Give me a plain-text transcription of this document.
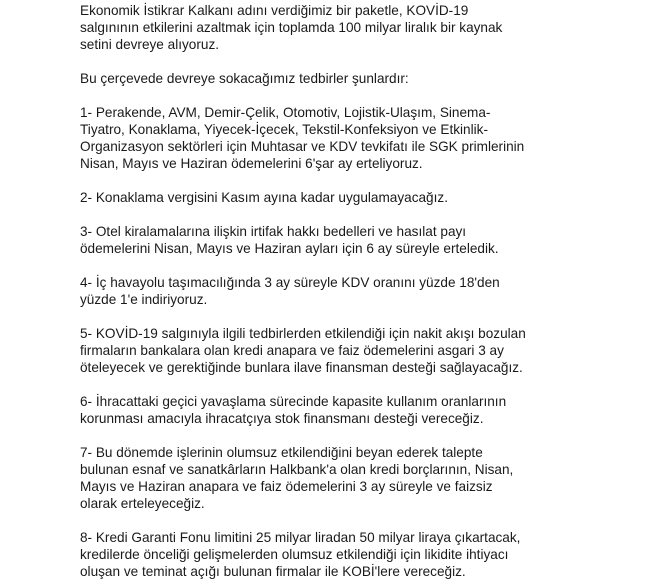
Ekonomik İstikrar Kalkanı adını verdiğimiz bir paketle, KOVİD-19
salgınının etkilerini azaltmak için toplamda 100 milyar liralık bir kaynak
setini devreye alıyoruz.

Bu çerçevede devreye sokacağımız tedbirler şunlardır:

1- Perakende, AVM, Demir-Çelik, Otomotiv, Lojistik-Ulaşım, Sinema-
Tiyatro, Konaklama, Yiyecek-İçecek, Tekstil-Konfeksiyon ve Etkinlik-
Organizasyon sektörleri için Muhtasar ve KDV tevkifatı ile SGK primlerinin
Nisan, Mayıs ve Haziran ödemelerini 6'şar ay erteliyoruz.

2- Konaklama vergisini Kasım ayına kadar uygulamayacağız.

3- Otel kiralamalarına ilişkin irtifak hakkı bedelleri ve hasılat payı
ödemelerini Nisan, Mayıs ve Haziran ayları için 6 ay süreyle erteledik.

4- İç havayolu taşımacılığında 3 ay süreyle KDV oranını yüzde 18'den
yüzde 1'e indiriyoruz.

5- KOVİD-19 salgınıyla ilgili tedbirlerden etkilendiği için nakit akışı bozulan
firmaların bankalara olan kredi anapara ve faiz ödemelerini asgari 3 ay
öteleyecek ve gerektiğinde bunlara ilave finansman desteği sağlayacağız.

6- İhracattaki geçici yavaşlama sürecinde kapasite kullanım oranlarının
korunması amacıyla ihracatçıya stok finansmanı desteği vereceğiz.

7- Bu dönemde işlerinin olumsuz etkilendiğini beyan ederek talepte
bulunan esnaf ve sanatkârların Halkbank'a olan kredi borçlarının, Nisan,
Mayıs ve Haziran anapara ve faiz ödemelerini 3 ay süreyle ve faizsiz
olarak erteleyeceğiz.

8- Kredi Garanti Fonu limitini 25 milyar liradan 50 milyar liraya çıkartacak,
kredilerde önceliği gelişmelerden olumsuz etkilendiği için likidite ihtiyacı
oluşan ve teminat açığı bulunan firmalar ile KOBİ'lere vereceğiz.
